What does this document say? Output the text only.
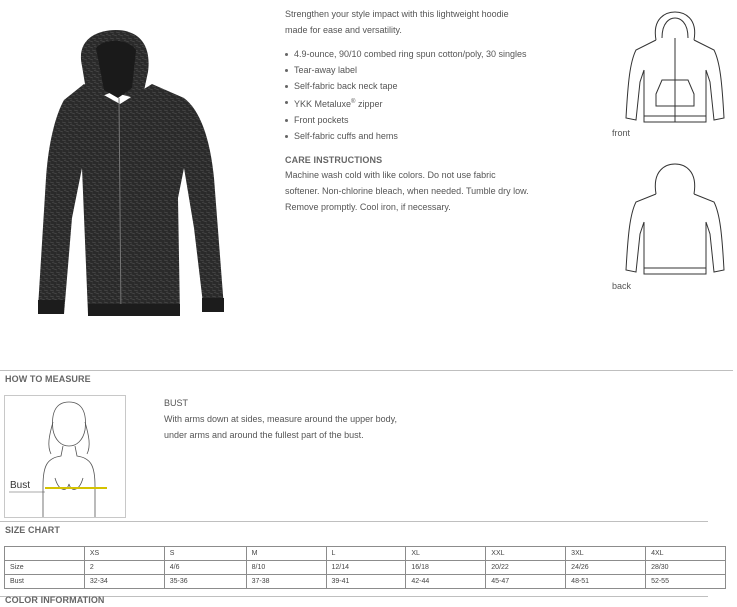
Strengthen your style impact with this lightweight hoodie
made for ease and versatility.
4.9-ounce, 90/10 combed ring spun cotton/poly, 30 singles
Tear-away label
Self-fabric back neck tape
YKK Metaluxe® zipper
Front pockets
Self-fabric cuffs and hems
CARE INSTRUCTIONS
Machine wash cold with like colors. Do not use fabric
softener. Non-chlorine bleach, when needed. Tumble dry low.
Remove promptly. Cool iron, if necessary.
front
back
HOW TO MEASURE
Bust
BUST
With arms down at sides, measure around the upper body,
under arms and around the fullest part of the bust.
SIZE CHART
	XS	S	M	L	XL	XXL	3XL	4XL
Size	2	4/6	8/10	12/14	16/18	20/22	24/26	28/30
Bust	32-34	35-36	37-38	39-41	42-44	45-47	48-51	52-55
COLOR INFORMATION
